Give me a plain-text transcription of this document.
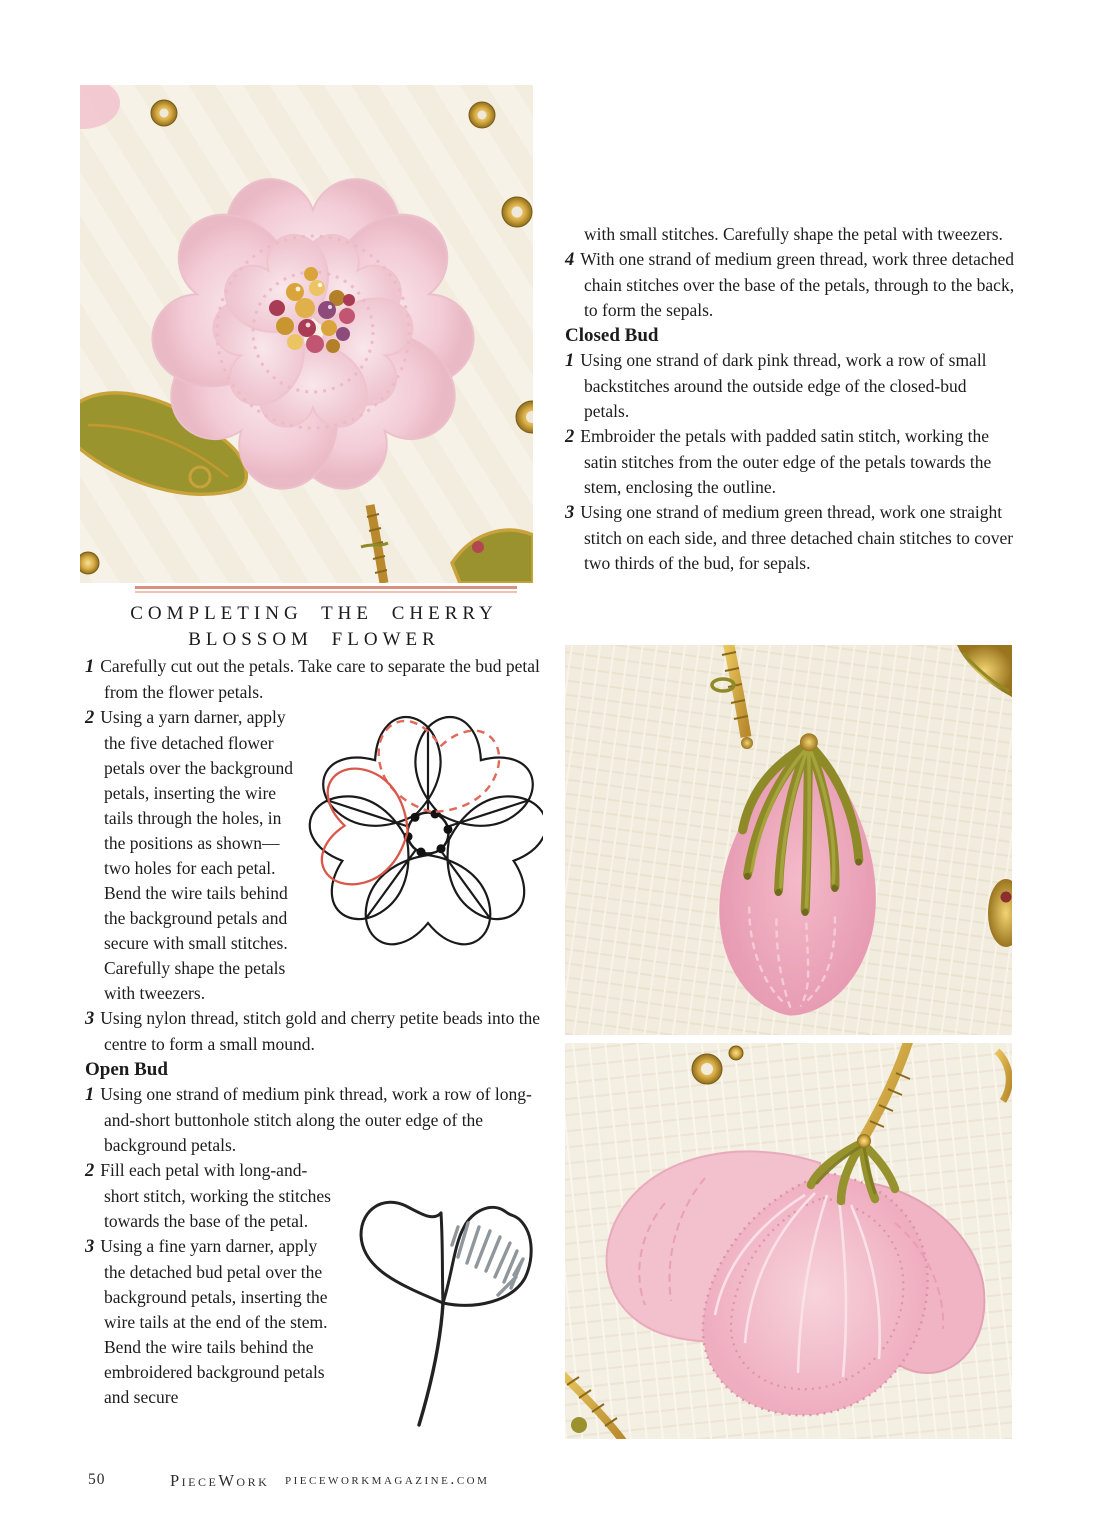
COMPLETING THE CHERRY
BLOSSOM FLOWER

1 Carefully cut out the petals. Take care to separate the bud petal from the flower petals.

2 Using a yarn darner, apply the five detached flower petals over the background petals, inserting the wire tails through the holes, in the positions as shown—two holes for each petal. Bend the wire tails behind the background petals and secure with small stitches. Carefully shape the petals with tweezers.

3 Using nylon thread, stitch gold and cherry petite beads into the centre to form a small mound.

Open Bud

1 Using one strand of medium pink thread, work a row of long-and-short buttonhole stitch along the outer edge of the background petals.

2 Fill each petal with long-and-short stitch, working the stitches towards the base of the petal.

3 Using a fine yarn darner, apply the detached bud petal over the background petals, inserting the wire tails at the end of the stem. Bend the wire tails behind the embroidered background petals and secure

with small stitches. Carefully shape the petal with tweezers.

4 With one strand of medium green thread, work three detached chain stitches over the base of the petals, through to the back, to form the sepals.

Closed Bud

1 Using one strand of dark pink thread, work a row of small backstitches around the outside edge of the closed-bud petals.

2 Embroider the petals with padded satin stitch, working the satin stitches from the outer edge of the petals towards the stem, enclosing the outline.

3 Using one strand of medium green thread, work one straight stitch on each side, and three detached chain stitches to cover two thirds of the bud, for sepals.

50	PieceWork pieceworkmagazine.com
